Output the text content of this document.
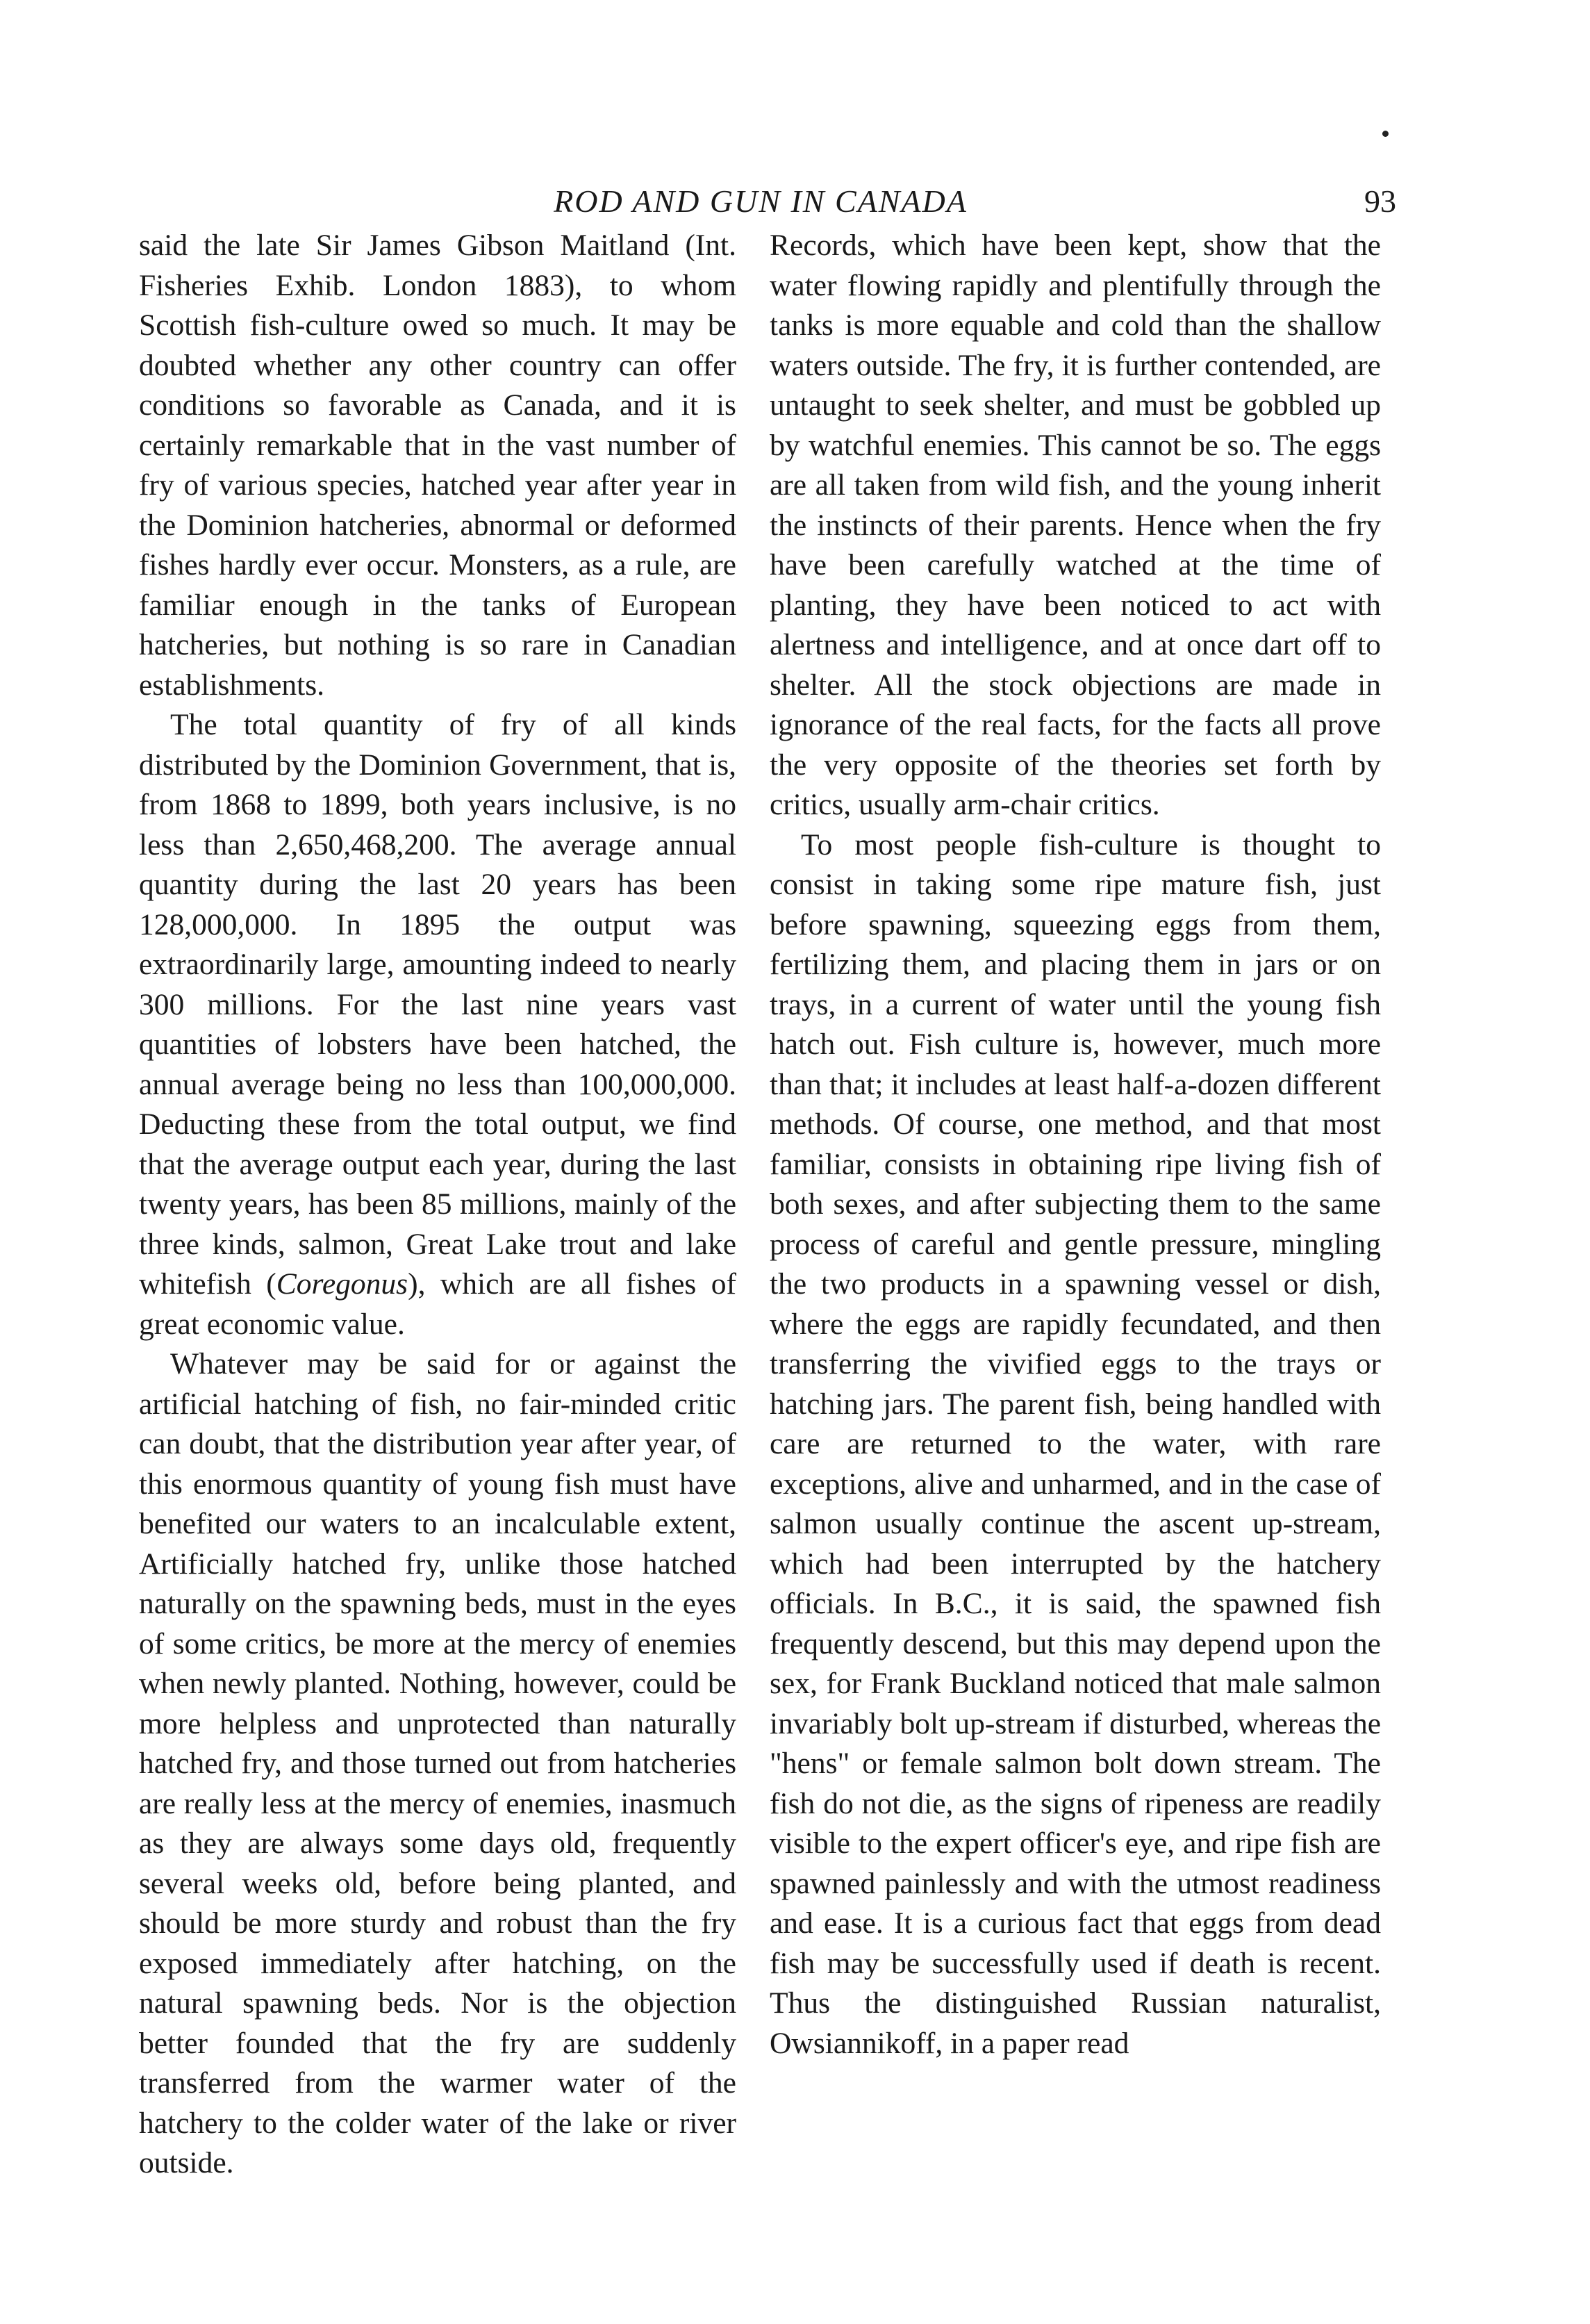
ROD AND GUN IN CANADA	93

said the late Sir James Gibson Maitland (Int. Fisheries Exhib. London 1883), to whom Scottish fish-culture owed so much. It may be doubted whether any other country can offer conditions so favorable as Canada, and it is certainly remarkable that in the vast number of fry of various species, hatched year after year in the Dominion hatcheries, abnormal or deformed fishes hardly ever occur. Monsters, as a rule, are familiar enough in the tanks of European hatcheries, but nothing is so rare in Canadian establishments.

The total quantity of fry of all kinds distributed by the Dominion Government, that is, from 1868 to 1899, both years inclusive, is no less than 2,650,468,200. The average annual quantity during the last 20 years has been 128,000,000. In 1895 the output was extraordinarily large, amounting indeed to nearly 300 millions. For the last nine years vast quantities of lobsters have been hatched, the annual average being no less than 100,000,000. Deducting these from the total output, we find that the average output each year, during the last twenty years, has been 85 millions, mainly of the three kinds, salmon, Great Lake trout and lake whitefish (Coregonus), which are all fishes of great economic value.

Whatever may be said for or against the artificial hatching of fish, no fair-minded critic can doubt, that the distribution year after year, of this enormous quantity of young fish must have benefited our waters to an incalculable extent, Artificially hatched fry, unlike those hatched naturally on the spawning beds, must in the eyes of some critics, be more at the mercy of enemies when newly planted. Nothing, however, could be more helpless and unprotected than naturally hatched fry, and those turned out from hatcheries are really less at the mercy of enemies, inasmuch as they are always some days old, frequently several weeks old, before being planted, and should be more sturdy and robust than the fry exposed immediately after hatching, on the natural spawning beds. Nor is the objection better founded that the fry are suddenly transferred from the warmer water of the hatchery to the colder water of the lake or river outside.

Records, which have been kept, show that the water flowing rapidly and plentifully through the tanks is more equable and cold than the shallow waters outside. The fry, it is further contended, are untaught to seek shelter, and must be gobbled up by watchful enemies. This cannot be so. The eggs are all taken from wild fish, and the young inherit the instincts of their parents. Hence when the fry have been carefully watched at the time of planting, they have been noticed to act with alertness and intelligence, and at once dart off to shelter. All the stock objections are made in ignorance of the real facts, for the facts all prove the very opposite of the theories set forth by critics, usually arm-chair critics.

To most people fish-culture is thought to consist in taking some ripe mature fish, just before spawning, squeezing eggs from them, fertilizing them, and placing them in jars or on trays, in a current of water until the young fish hatch out. Fish culture is, however, much more than that; it includes at least half-a-dozen different methods. Of course, one method, and that most familiar, consists in obtaining ripe living fish of both sexes, and after subjecting them to the same process of careful and gentle pressure, mingling the two products in a spawning vessel or dish, where the eggs are rapidly fecundated, and then transferring the vivified eggs to the trays or hatching jars. The parent fish, being handled with care are returned to the water, with rare exceptions, alive and unharmed, and in the case of salmon usually continue the ascent up-stream, which had been interrupted by the hatchery officials. In B.C., it is said, the spawned fish frequently descend, but this may depend upon the sex, for Frank Buckland noticed that male salmon invariably bolt up-stream if disturbed, whereas the "hens" or female salmon bolt down stream. The fish do not die, as the signs of ripeness are readily visible to the expert officer's eye, and ripe fish are spawned painlessly and with the utmost readiness and ease. It is a curious fact that eggs from dead fish may be successfully used if death is recent. Thus the distinguished Russian naturalist, Owsiannikoff, in a paper read
